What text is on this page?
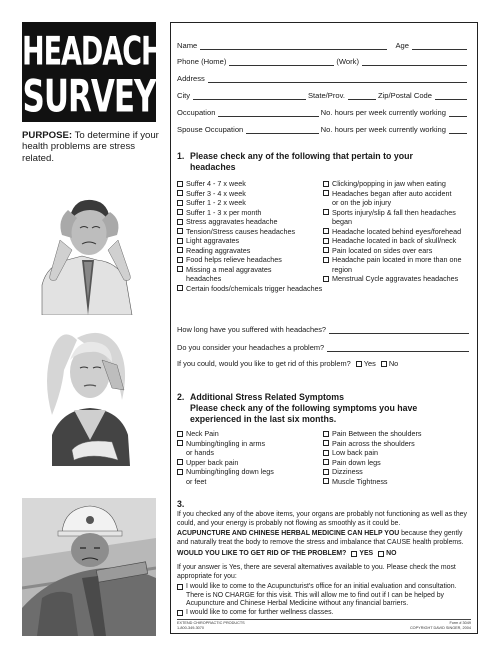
HEADACHE
SURVEY
PURPOSE: To determine if your health problems are stress related.
Name	Age
Phone (Home)	(Work)
Address
City	State/Prov.	Zip/Postal Code
Occupation	No. hours per week currently working
Spouse Occupation	No. hours per week currently working
1. Please check any of the following that pertain to your
headaches
Suffer 4 - 7 x week
Suffer 3 - 4 x week
Suffer 1 - 2 x week
Suffer 1 - 3 x per month
Stress aggravates headache
Tension/Stress causes headaches
Light aggravates
Reading aggravates
Food helps relieve headaches
Missing a meal aggravates
headaches
Certain foods/chemicals trigger headaches
Clicking/popping in jaw when eating
Headaches began after auto accident
or on the job injury
Sports injury/slip & fall then headaches
began
Headache located behind eyes/forehead
Headache located in back of skull/neck
Pain located on sides over ears
Headache pain located in more than one
region
Menstrual Cycle aggravates headaches
How long have you suffered with headaches?
Do you consider your headaches a problem?
If you could, would you like to get rid of this problem? Yes No
2. Additional Stress Related Symptoms
Please check any of the following symptoms you have
experienced in the last six months.
Neck Pain
Numbing/tingling in arms
or hands
Upper back pain
Numbing/tingling down legs
or feet
Pain Between the shoulders
Pain across the shoulders
Low back pain
Pain down legs
Dizziness
Muscle Tightness
3.
If you checked any of the above items, your organs are probably not functioning as well as they could, and your energy is probably not flowing as smoothly as it could be.
ACUPUNCTURE AND CHINESE HERBAL MEDICINE CAN HELP YOU because they gently and naturally treat the body to remove the stress and imbalance that CAUSE health problems.
WOULD YOU LIKE TO GET RID OF THE PROBLEM? YES NO
If your answer is Yes, there are several alternatives available to you. Please check the most appropriate for you:
I would like to come to the Acupuncturist's office for an initial evaluation and consultation. There is NO CHARGE for this visit. This will allow me to find out if I can be helped by Acupuncture and Chinese Herbal Medicine without any financial barriers.
I would like to come for further wellness classes.
EXTEND CHIROPRACTIC PRODUCTS
1-800-349-3070
Form # 3049
COPYRIGHT DAVID SINGER, 2004
